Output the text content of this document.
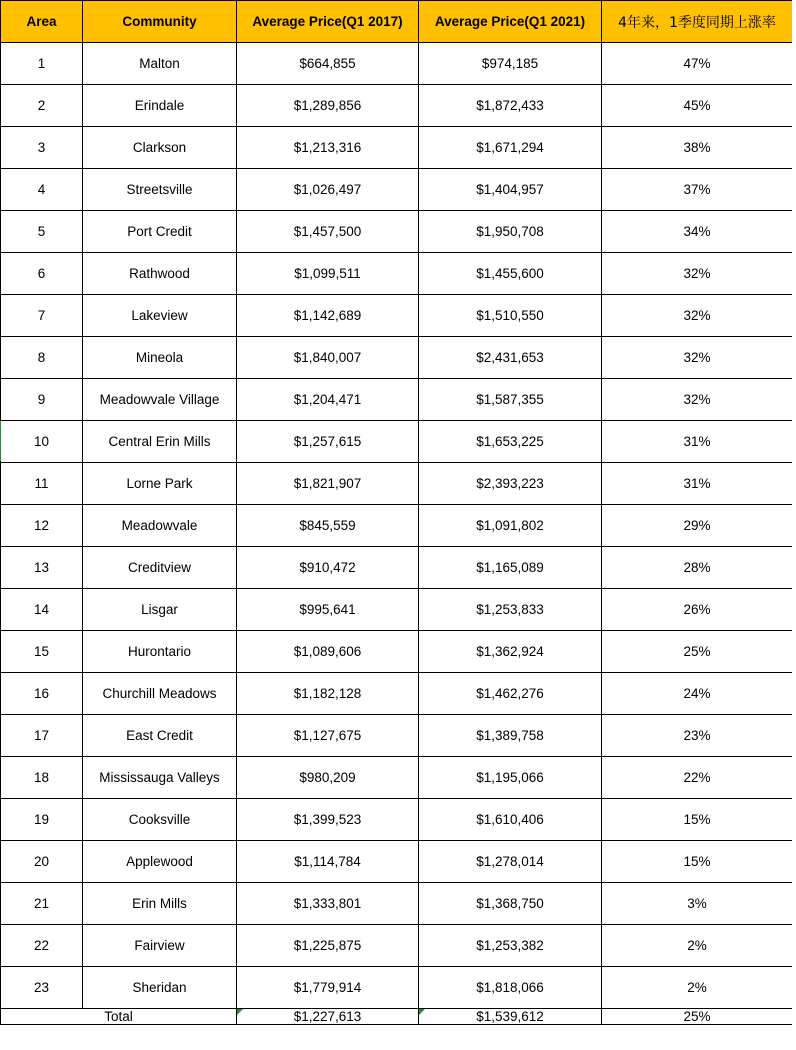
Area	Community	Average Price(Q1 2017)	Average Price(Q1 2021)	4年来，1季度同期上涨率
1	Malton	$664,855	$974,185	47%
2	Erindale	$1,289,856	$1,872,433	45%
3	Clarkson	$1,213,316	$1,671,294	38%
4	Streetsville	$1,026,497	$1,404,957	37%
5	Port Credit	$1,457,500	$1,950,708	34%
6	Rathwood	$1,099,511	$1,455,600	32%
7	Lakeview	$1,142,689	$1,510,550	32%
8	Mineola	$1,840,007	$2,431,653	32%
9	Meadowvale Village	$1,204,471	$1,587,355	32%
10	Central Erin Mills	$1,257,615	$1,653,225	31%
11	Lorne Park	$1,821,907	$2,393,223	31%
12	Meadowvale	$845,559	$1,091,802	29%
13	Creditview	$910,472	$1,165,089	28%
14	Lisgar	$995,641	$1,253,833	26%
15	Hurontario	$1,089,606	$1,362,924	25%
16	Churchill Meadows	$1,182,128	$1,462,276	24%
17	East Credit	$1,127,675	$1,389,758	23%
18	Mississauga Valleys	$980,209	$1,195,066	22%
19	Cooksville	$1,399,523	$1,610,406	15%
20	Applewood	$1,114,784	$1,278,014	15%
21	Erin Mills	$1,333,801	$1,368,750	3%
22	Fairview	$1,225,875	$1,253,382	2%
23	Sheridan	$1,779,914	$1,818,066	2%
Total		$1,227,613	$1,539,612	25%
